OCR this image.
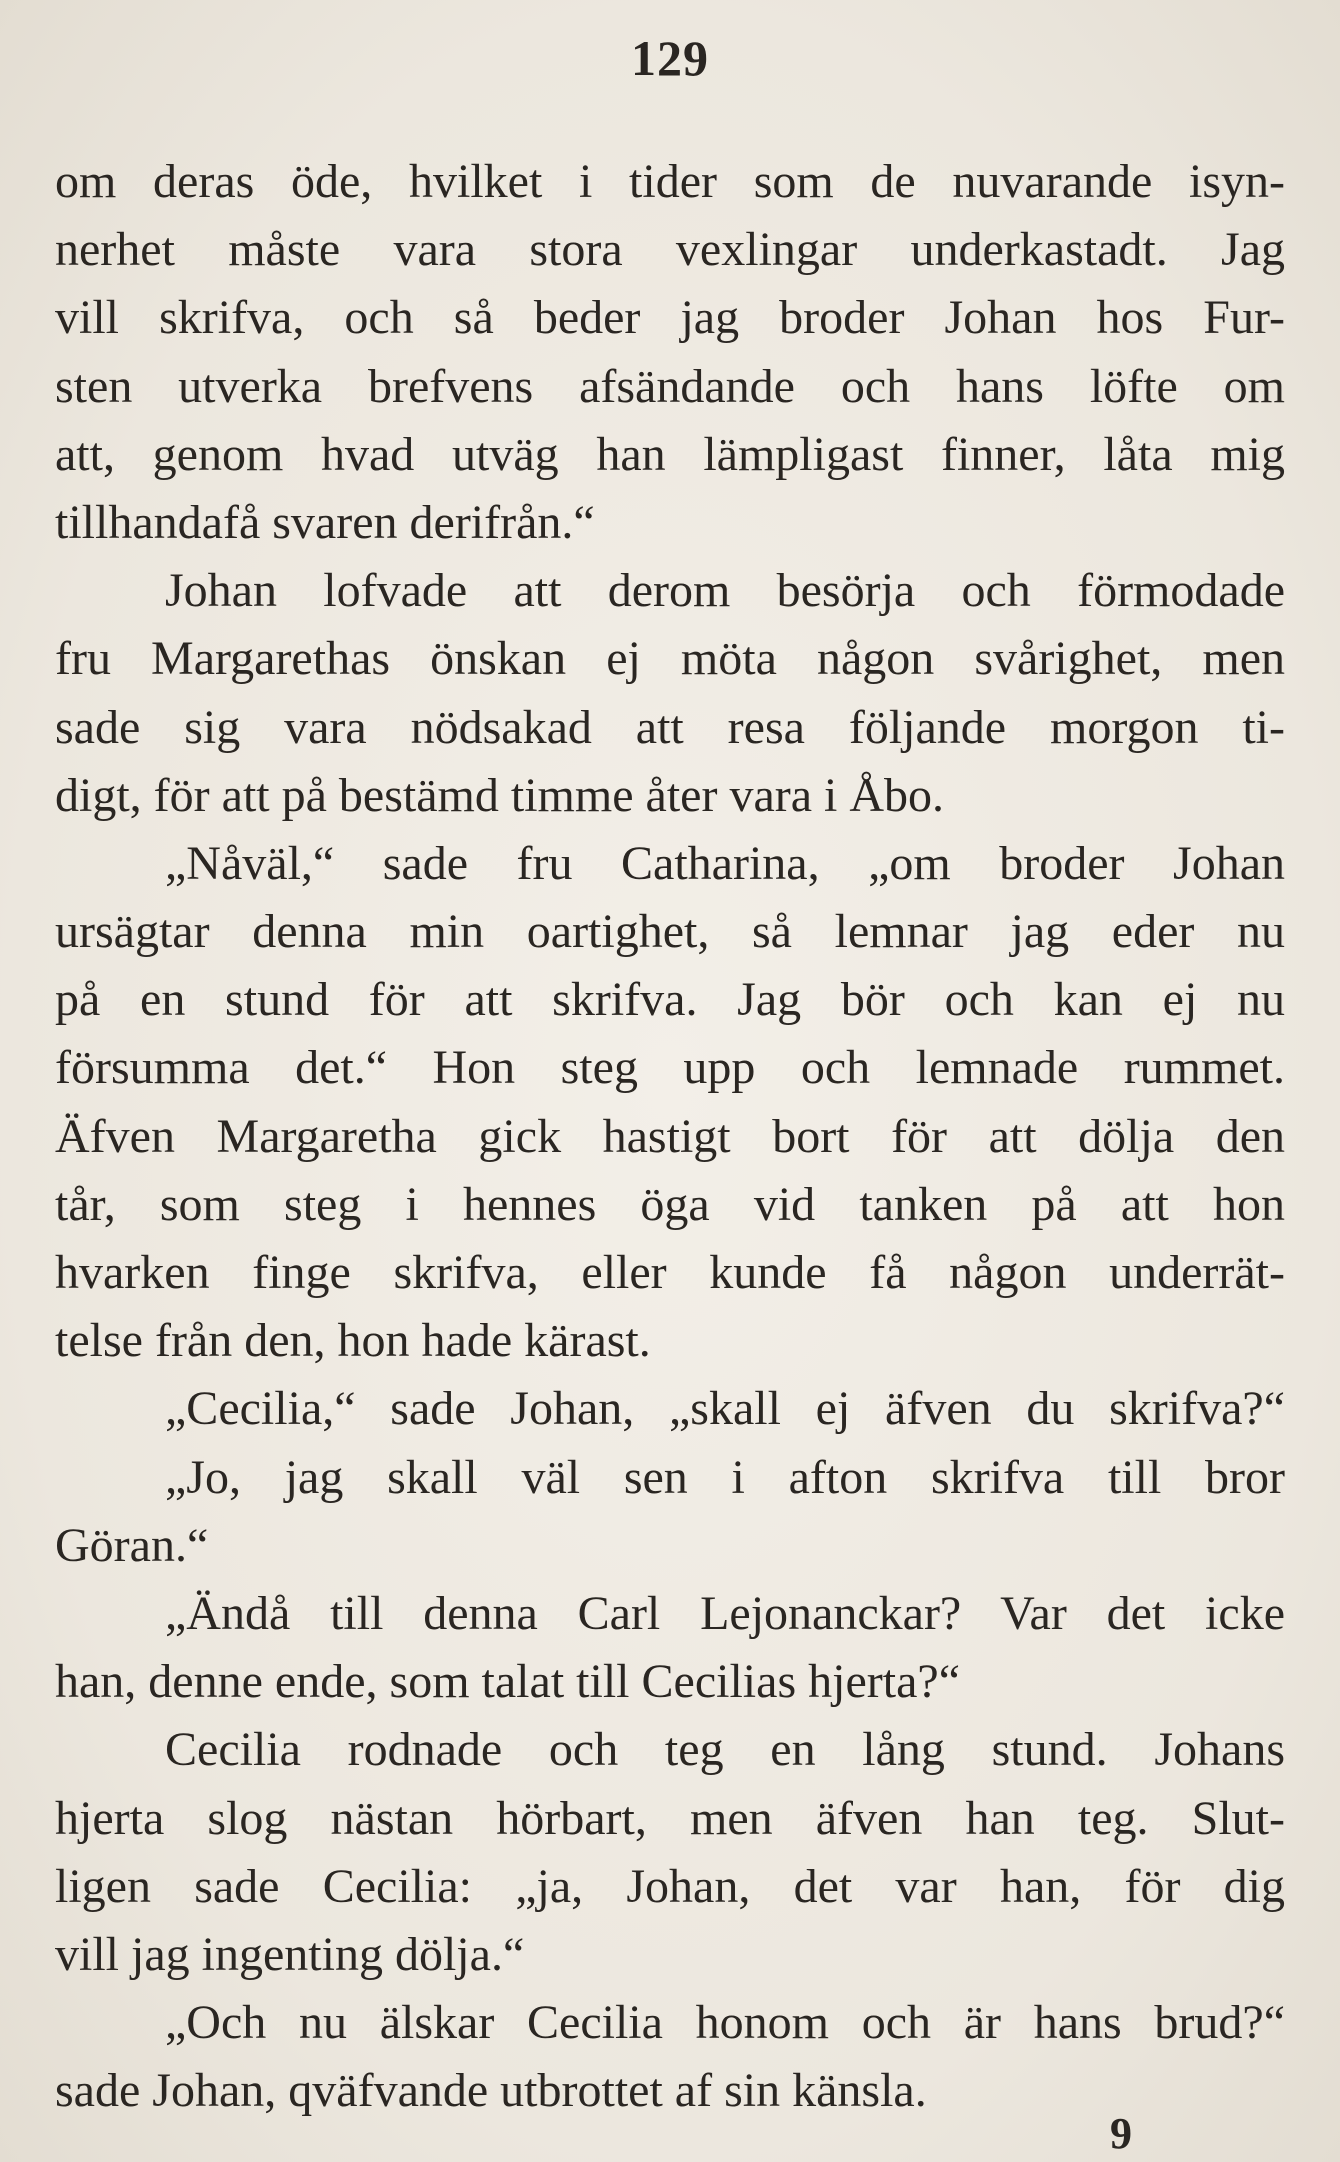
129
om deras öde, hvilket i tider som de nuvarande isyn-
nerhet måste vara stora vexlingar underkastadt. Jag
vill skrifva, och så beder jag broder Johan hos Fur-
sten utverka brefvens afsändande och hans löfte om
att, genom hvad utväg han lämpligast finner, låta mig
tillhandafå svaren derifrån.“
Johan lofvade att derom besörja och förmodade
fru Margarethas önskan ej möta någon svårighet, men
sade sig vara nödsakad att resa följande morgon ti-
digt, för att på bestämd timme åter vara i Åbo.
„Nåväl,“ sade fru Catharina, „om broder Johan
ursägtar denna min oartighet, så lemnar jag eder nu
på en stund för att skrifva. Jag bör och kan ej nu
försumma det.“ Hon steg upp och lemnade rummet.
Äfven Margaretha gick hastigt bort för att dölja den
tår, som steg i hennes öga vid tanken på att hon
hvarken finge skrifva, eller kunde få någon underrät-
telse från den, hon hade kärast.
„Cecilia,“ sade Johan, „skall ej äfven du skrifva?“
„Jo, jag skall väl sen i afton skrifva till bror
Göran.“
„Ändå till denna Carl Lejonanckar? Var det icke
han, denne ende, som talat till Cecilias hjerta?“
Cecilia rodnade och teg en lång stund. Johans
hjerta slog nästan hörbart, men äfven han teg. Slut-
ligen sade Cecilia: „ja, Johan, det var han, för dig
vill jag ingenting dölja.“
„Och nu älskar Cecilia honom och är hans brud?“
sade Johan, qväfvande utbrottet af sin känsla.
9
